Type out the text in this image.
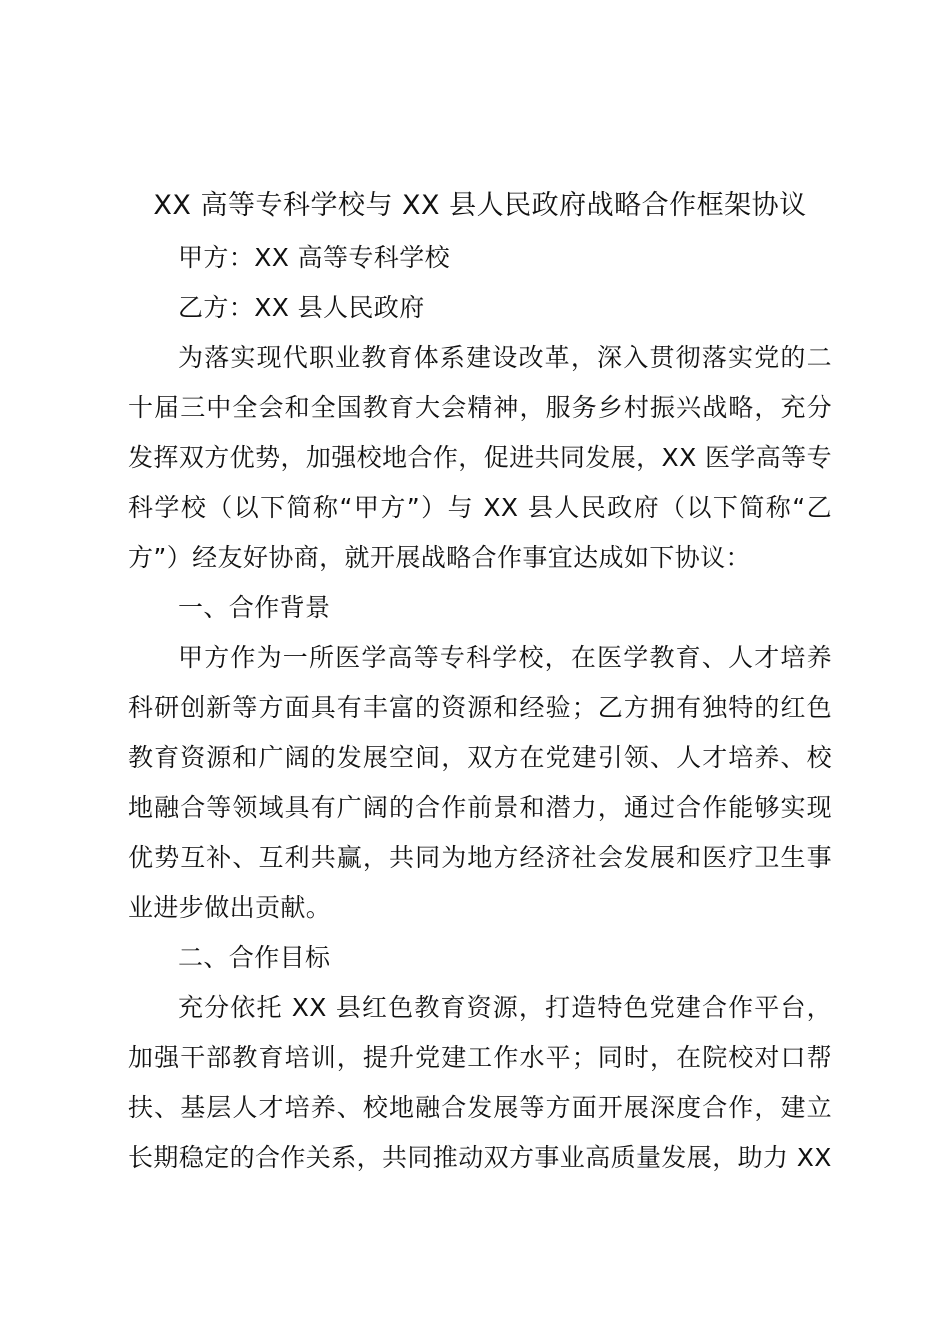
XX 高等专科学校与 XX 县人民政府战略合作框架协议

甲方：XX 高等专科学校

乙方：XX 县人民政府

为落实现代职业教育体系建设改革，深入贯彻落实党的二十届三中全会和全国教育大会精神，服务乡村振兴战略，充分发挥双方优势，加强校地合作，促进共同发展，XX 医学高等专科学校（以下简称“甲方”）与 XX 县人民政府（以下简称“乙方”）经友好协商，就开展战略合作事宜达成如下协议：

一、合作背景

甲方作为一所医学高等专科学校，在医学教育、人才培养科研创新等方面具有丰富的资源和经验；乙方拥有独特的红色教育资源和广阔的发展空间，双方在党建引领、人才培养、校地融合等领域具有广阔的合作前景和潜力，通过合作能够实现优势互补、互利共赢，共同为地方经济社会发展和医疗卫生事业进步做出贡献。

二、合作目标

充分依托 XX 县红色教育资源，打造特色党建合作平台，加强干部教育培训，提升党建工作水平；同时，在院校对口帮扶、基层人才培养、校地融合发展等方面开展深度合作，建立长期稳定的合作关系，共同推动双方事业高质量发展，助力 XX
